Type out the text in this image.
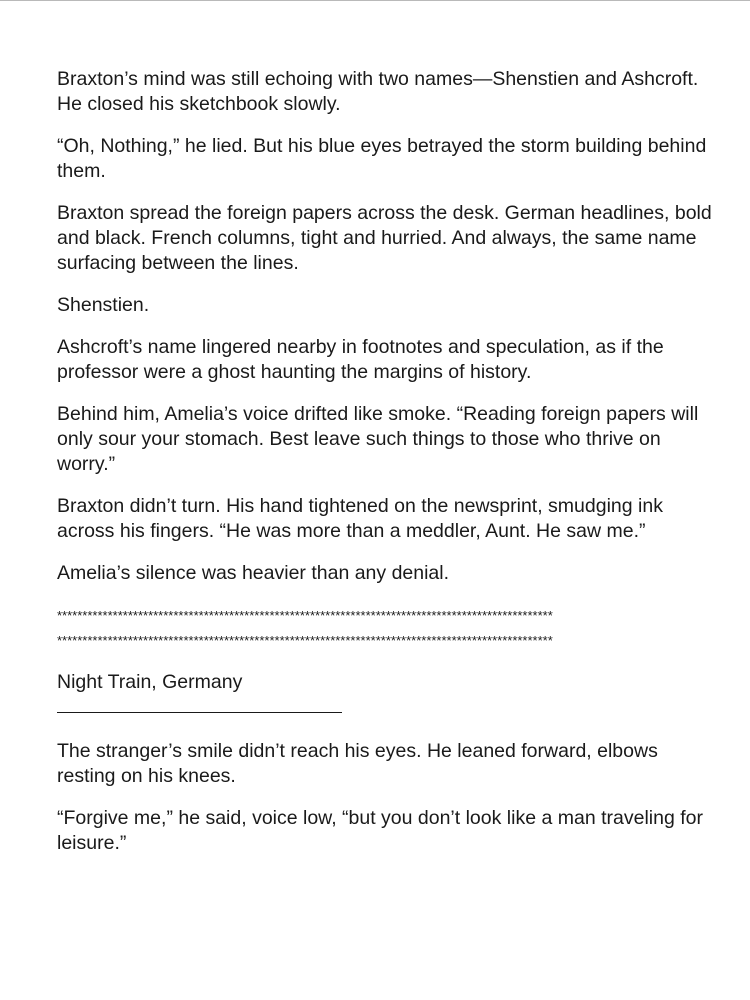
Braxton’s mind was still echoing with two names—Shenstien and Ashcroft. He closed his sketchbook slowly.

“Oh, Nothing,” he lied. But his blue eyes betrayed the storm building behind them.

Braxton spread the foreign papers across the desk. German headlines, bold and black. French columns, tight and hurried. And always, the same name surfacing between the lines.

Shenstien.

Ashcroft’s name lingered nearby in footnotes and speculation, as if the professor were a ghost haunting the margins of history.

Behind him, Amelia’s voice drifted like smoke. “Reading foreign papers will only sour your stomach. Best leave such things to those who thrive on worry.”

Braxton didn’t turn. His hand tightened on the newsprint, smudging ink across his fingers. “He was more than a meddler, Aunt. He saw me.”

Amelia’s silence was heavier than any denial.

**************************************************************************************************

**************************************************************************************************

Night Train, Germany

The stranger’s smile didn’t reach his eyes. He leaned forward, elbows resting on his knees.

“Forgive me,” he said, voice low, “but you don’t look like a man traveling for leisure.”
